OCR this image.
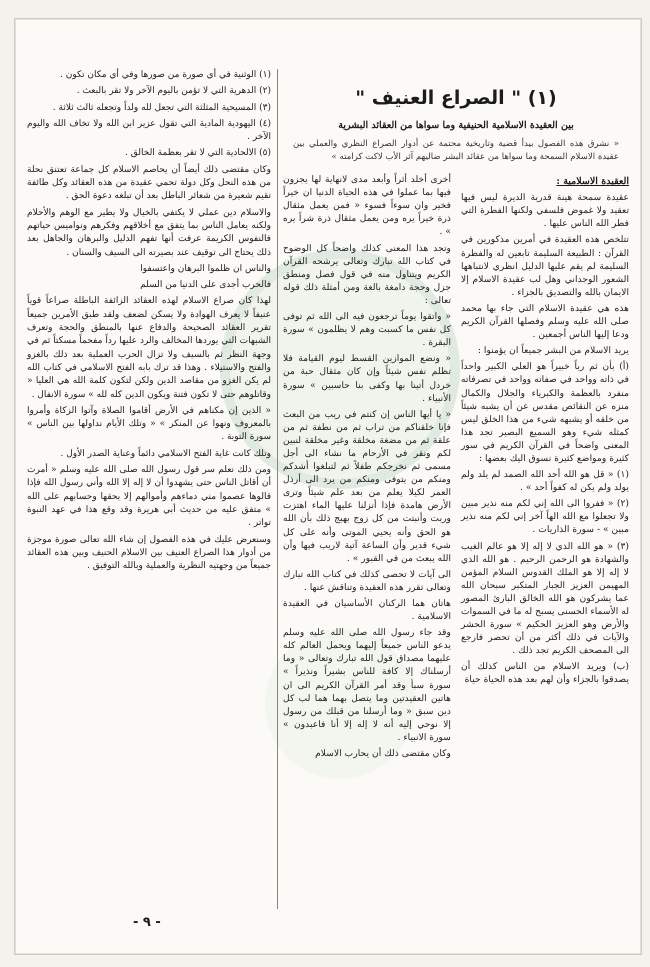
(١) " الصراع العنيف "
بين العقيدة الاسلامية الحنيفية وما سواها من العقائد البشرية
« نشرق هذه الفصول بيدأ قضية وتاريخية محتمة عن أدوار الصراع النظري والعملي بين عقيدة الاسلام السمحة وما سواها من عقائد البشر ضاليهم آثر الأب لاكت كرامته »
العقيدة الاسلامية :

عقيدة سمحة هينة قدرية الديرة ليس فيها تعقيد ولا غموض فلسفي ولكنها الفطرة التي فطر الله الناس عليها .

تتلخص هذه العقيدة في أمرين مذكورين في القرآن : الطبيعة السليمة تابعين له والفطرة السليمة لم يقم عليها الدليل انظري لانتباهها الشعور الوجداني وهل لب عقيدة الاسلام إلا الايمان بالله والتصديق بالجزاء .

هذه هي عقيدة الاسلام التي جاء بها محمد صلى الله عليه وسلم وفصلها القرآن الكريم ودعا إليها الناس أجمعين .

يريد الاسلام من البشر جميعاً ان يؤمنوا :

(أ) بأن ثم رباً خبيراً هو العلي الكبير واحداً في ذاته وواحد في صفاته وواحد في تصرفاته منفرد بالعظمة والكبرياء والجلال والكمال منزه عن النقائص مقدس عن أن يشبه شيئاً من خلقه أو يشبهه شيء من هذا الخلق ليس كمثله شيء وهو السميع البصير تجد هذا المعنى واضحاً في القرآن الكريم في سور كثيرة ومواضع كثيرة نسوق اليك بعضها :

(١) « قل هو الله أحد الله الصمد لم يلد ولم يولد ولم يكن له كفواً أحد » .

(٢) « ففروا الى الله إني لكم منه نذير مبين ولا تجعلوا مع الله الهاً آخر إني لكم منه نذير مبين » - سورة الذاريات .

(٣) « هو الله الذي لا إله إلا هو عالم الغيب والشهادة هو الرحمن الرحيم . هو الله الذي لا إله إلا هو الملك القدوس السلام المؤمن المهيمن العزيز الجبار المتكبر سبحان الله عما يشركون هو الله الخالق البارئ المصور له الأسماء الحسنى يسبح له ما في السموات والأرض وهو العزيز الحكيم » سورة الحشر والآيات في ذلك أكثر من أن تحصر فارجع الى المصحف الكريم تجد ذلك .

(ب) ويريد الاسلام من الناس كذلك أن يصدقوا بالجزاء وأن لهم بعد هذه الحياة حياة

أخرى أخلد أثراً وأبعد مدى لانهاية لها يجزون فيها بما عملوا في هذه الحياة الدنيا ان خيراً فخير وان سوءاً فسوء « فمن يعمل مثقال ذرة خيراً يره ومن يعمل مثقال ذرة شراً يره » .

وتجد هذا المعنى كذلك واضحاً كل الوضوح في كتاب الله تبارك وتعالى يرشحه القرآن الكريم ويتناول منه في قول فصل ومنطق جزل وحجة دامغة بالغة ومن أمثلة ذلك قوله تعالى :

« واتقوا يوماً ترجعون فيه الى الله ثم توفى كل نفس ما كسبت وهم لا يظلمون » سورة البقرة .

« ونضع الموازين القسط ليوم القيامة فلا تظلم نفس شيئاً وإن كان مثقال حبة من خردل أتينا بها وكفى بنا حاسبين » سورة الأنبياء .

« يا أيها الناس إن كنتم في ريب من البعث فإنا خلقناكم من تراب ثم من نطفة ثم من علقة ثم من مضغة مخلقة وغير مخلقة لنبين لكم ونقر في الأرحام ما نشاء الى أجل مسمى ثم نخرجكم طفلاً ثم لتبلغوا أشدكم ومنكم من يتوفى ومنكم من يرد الى أرذل العمر لكيلا يعلم من بعد علم شيئاً وترى الأرض هامدة فإذا أنزلنا عليها الماء اهتزت وربت وأنبتت من كل زوج بهيج ذلك بأن الله هو الحق وأنه يحيي الموتى وأنه على كل شيء قدير وأن الساعة آتية لاريب فيها وأن الله يبعث من في القبور » .

الى آيات لا تحصى كذلك في كتاب الله تبارك وتعالى تقرر هذه العقيدة وتناقش عنها .

هاتان هما الركنان الأساسيان في العقيدة الاسلامية .

وقد جاء رسول الله صلى الله عليه وسلم يدعو الناس جميعاً إليهما ويحمل العالم كله عليهما مصداق قول الله تبارك وتعالى « وما أرسلناك إلا كافة للناس بشيراً ونذيراً » سورة سبأ وقد أمر القرآن الكريم الى ان هاتين العقيدتين وما يتصل بهما هما لب كل دين سبق « وما أرسلنا من قبلك من رسول إلا نوحي إليه أنه لا إله إلا أنا فاعبدون » سورة الانبياء .

وكان مقتضى ذلك أن يحارب الاسلام

(١) الوثنية في أي صورة من صورها وفي أي مكان تكون .

(٢) الدهرية التي لا تؤمن باليوم الآخر ولا تقر بالبعث .

(٣) المسيحية المثلثة التي تجعل لله ولداً وتجعله ثالث ثلاثة .

(٤) اليهودية المادية التي تقول عزير ابن الله ولا تخاف الله واليوم الآخر .

(٥) الالحادية التي لا تقر بعظمة الخالق .

وكان مقتضى ذلك أيضاً أن يحاصم الاسلام كل جماعة تعتنق نحلة من هذه النحل وكل دولة تحمي عقيدة من هذه العقائد وكل طائفة تقيم شعيرة من شعائر الباطل بعد أن تبلغه دعوة الحق .

والاسلام دين عملي لا يكتفي بالخيال ولا يطير مع الوهم والأحلام ولكنه يعامل الناس بما يتفق مع أخلاقهم وفكرهم ونواميس حياتهم فالنفوس الكريمة عرفت أنها تفهم الدليل والبرهان والجاهل بعد ذلك يحتاج الى توقيف عند بصيرته الى السيف والسنان .

والناس ان ظلموا البرهان واعتسفوا

فالحرب أجدى على الدنيا من السلم

لهذا كان صراع الاسلام لهذه العقائد الزائفة الباطلة صراعاً قوياً عنيفاً لا يعرف الهوادة ولا يسكن لضعف ولقد طبق الأمرين جميعاً تقرير العقائد الصحيحة والدفاع عنها بالمنطق والحجة وتعرف الشبهات التي يوردها المخالف والرد عليها رداً مفحماً مسكتاً ثم في وجهة النظر ثم بالسيف ولا تزال الحرب العملية بعد ذلك بالغزو والفتح والاستيلاء . وهذا قد ترك بابه الفتح الاسلامي في كتاب الله لم يكن الغزو من مقاصد الدين ولكن لتكون كلمة الله هي العليا « وقاتلوهم حتى لا تكون فتنة ويكون الدين كله لله » سورة الانفال .

« الذين إن مكناهم في الأرض أقاموا الصلاة وآتوا الزكاة وأمروا بالمعروف ونهوا عن المنكر » « وتلك الأيام نداولها بين الناس » سورة التوبة .

وتلك كانت غاية الفتح الاسلامي دائماً وعناية الصدر الأول .

ومن ذلك نعلم سر قول رسول الله صلى الله عليه وسلم « أمرت أن أقاتل الناس حتى يشهدوا أن لا إله إلا الله وأني رسول الله فإذا قالوها عصموا مني دماءهم وأموالهم إلا بحقها وحسابهم على الله » متفق عليه من حديث أبي هريرة وقد وقع هذا في عهد النبوة تواتر .

وسنعرض عليك في هذه الفصول إن شاء الله تعالى صورة موجزة من أدوار هذا الصراع العنيف بين الاسلام الحنيف وبين هذه العقائد جميعاً من وجهتيه النظرية والعملية وبالله التوفيق .

- ٩ -
